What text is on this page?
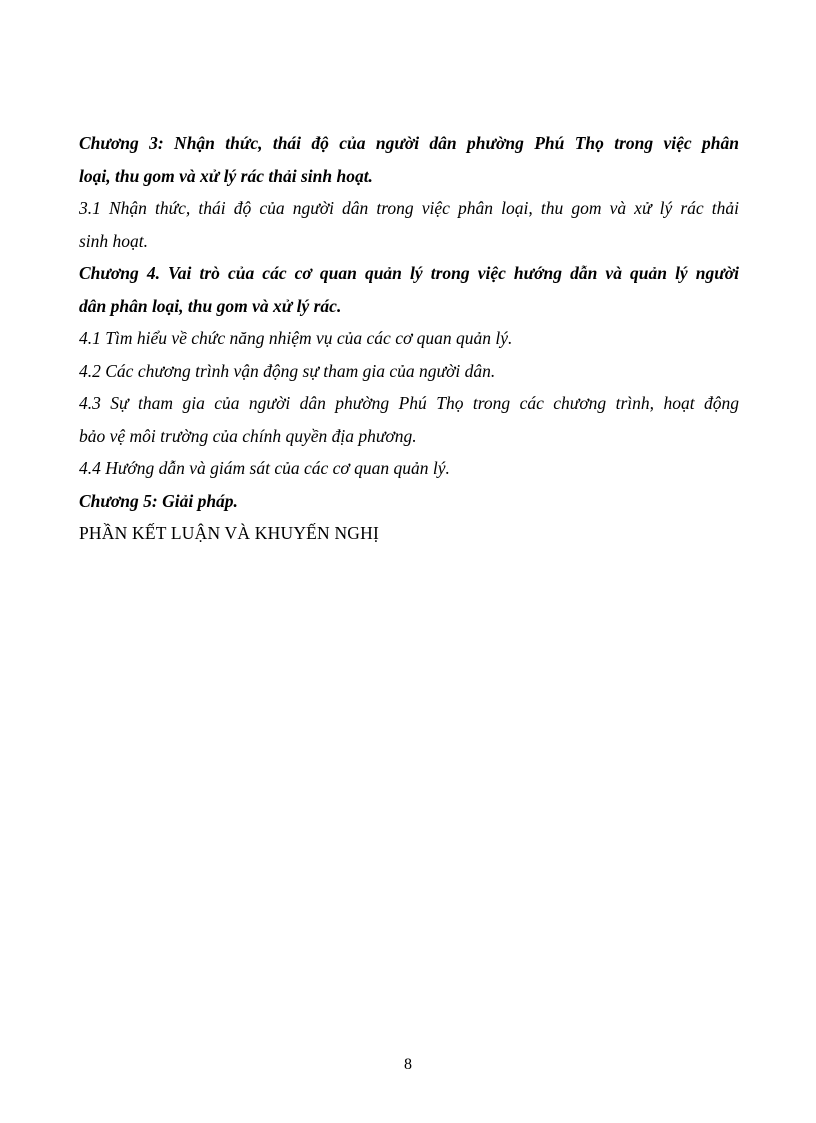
Chương 3: Nhận thức, thái độ của người dân phường Phú Thọ trong việc phân

loại, thu gom và xử lý rác thải sinh hoạt.

3.1 Nhận thức, thái độ của người dân trong việc phân loại, thu gom và xử lý rác thải

sinh hoạt.

Chương 4. Vai trò của các cơ quan quản lý trong việc hướng dẫn và quản lý người

dân phân loại, thu gom và xử lý rác.

4.1 Tìm hiểu về chức năng nhiệm vụ của các cơ quan quản lý.

4.2 Các chương trình vận động sự tham gia của người dân.

4.3 Sự tham gia của người dân phường Phú Thọ trong các chương trình, hoạt động

bảo vệ môi trường của chính quyền địa phương.

4.4 Hướng dẫn và giám sát của các cơ quan quản lý.

Chương 5: Giải pháp.

PHẦN KẾT LUẬN VÀ KHUYẾN NGHỊ

8
